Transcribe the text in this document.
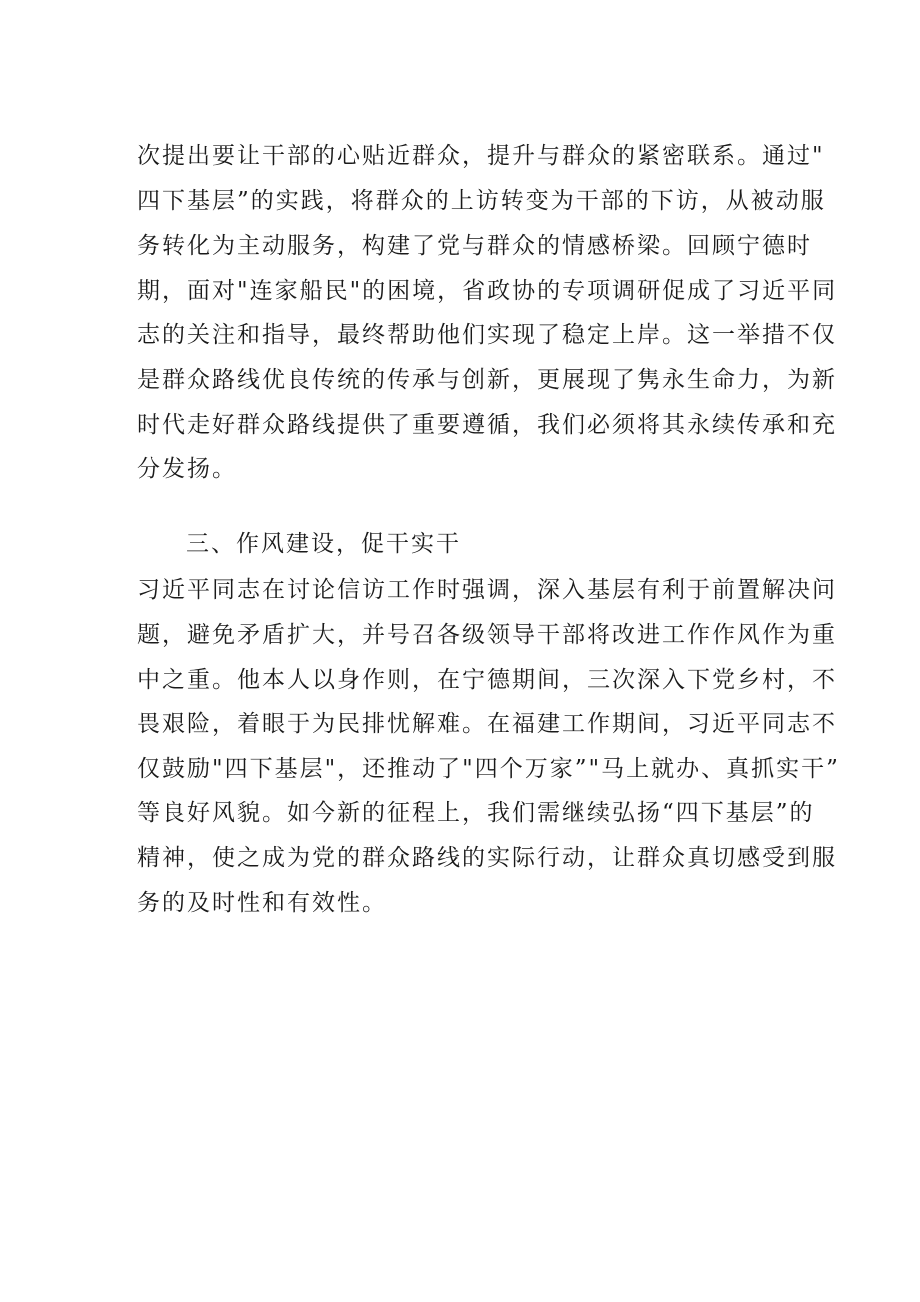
次提出要让干部的心贴近群众，提升与群众的紧密联系。通过"
四下基层”的实践，将群众的上访转变为干部的下访，从被动服
务转化为主动服务，构建了党与群众的情感桥梁。回顾宁德时
期，面对"连家船民"的困境，省政协的专项调研促成了习近平同
志的关注和指导，最终帮助他们实现了稳定上岸。这一举措不仅
是群众路线优良传统的传承与创新，更展现了隽永生命力，为新
时代走好群众路线提供了重要遵循，我们必须将其永续传承和充
分发扬。
三、作风建设，促干实干
习近平同志在讨论信访工作时强调，深入基层有利于前置解决问
题，避免矛盾扩大，并号召各级领导干部将改进工作作风作为重
中之重。他本人以身作则，在宁德期间，三次深入下党乡村，不
畏艰险，着眼于为民排忧解难。在福建工作期间，习近平同志不
仅鼓励"四下基层"，还推动了"四个万家”"马上就办、真抓实干”
等良好风貌。如今新的征程上，我们需继续弘扬“四下基层”的
精神，使之成为党的群众路线的实际行动，让群众真切感受到服
务的及时性和有效性。
